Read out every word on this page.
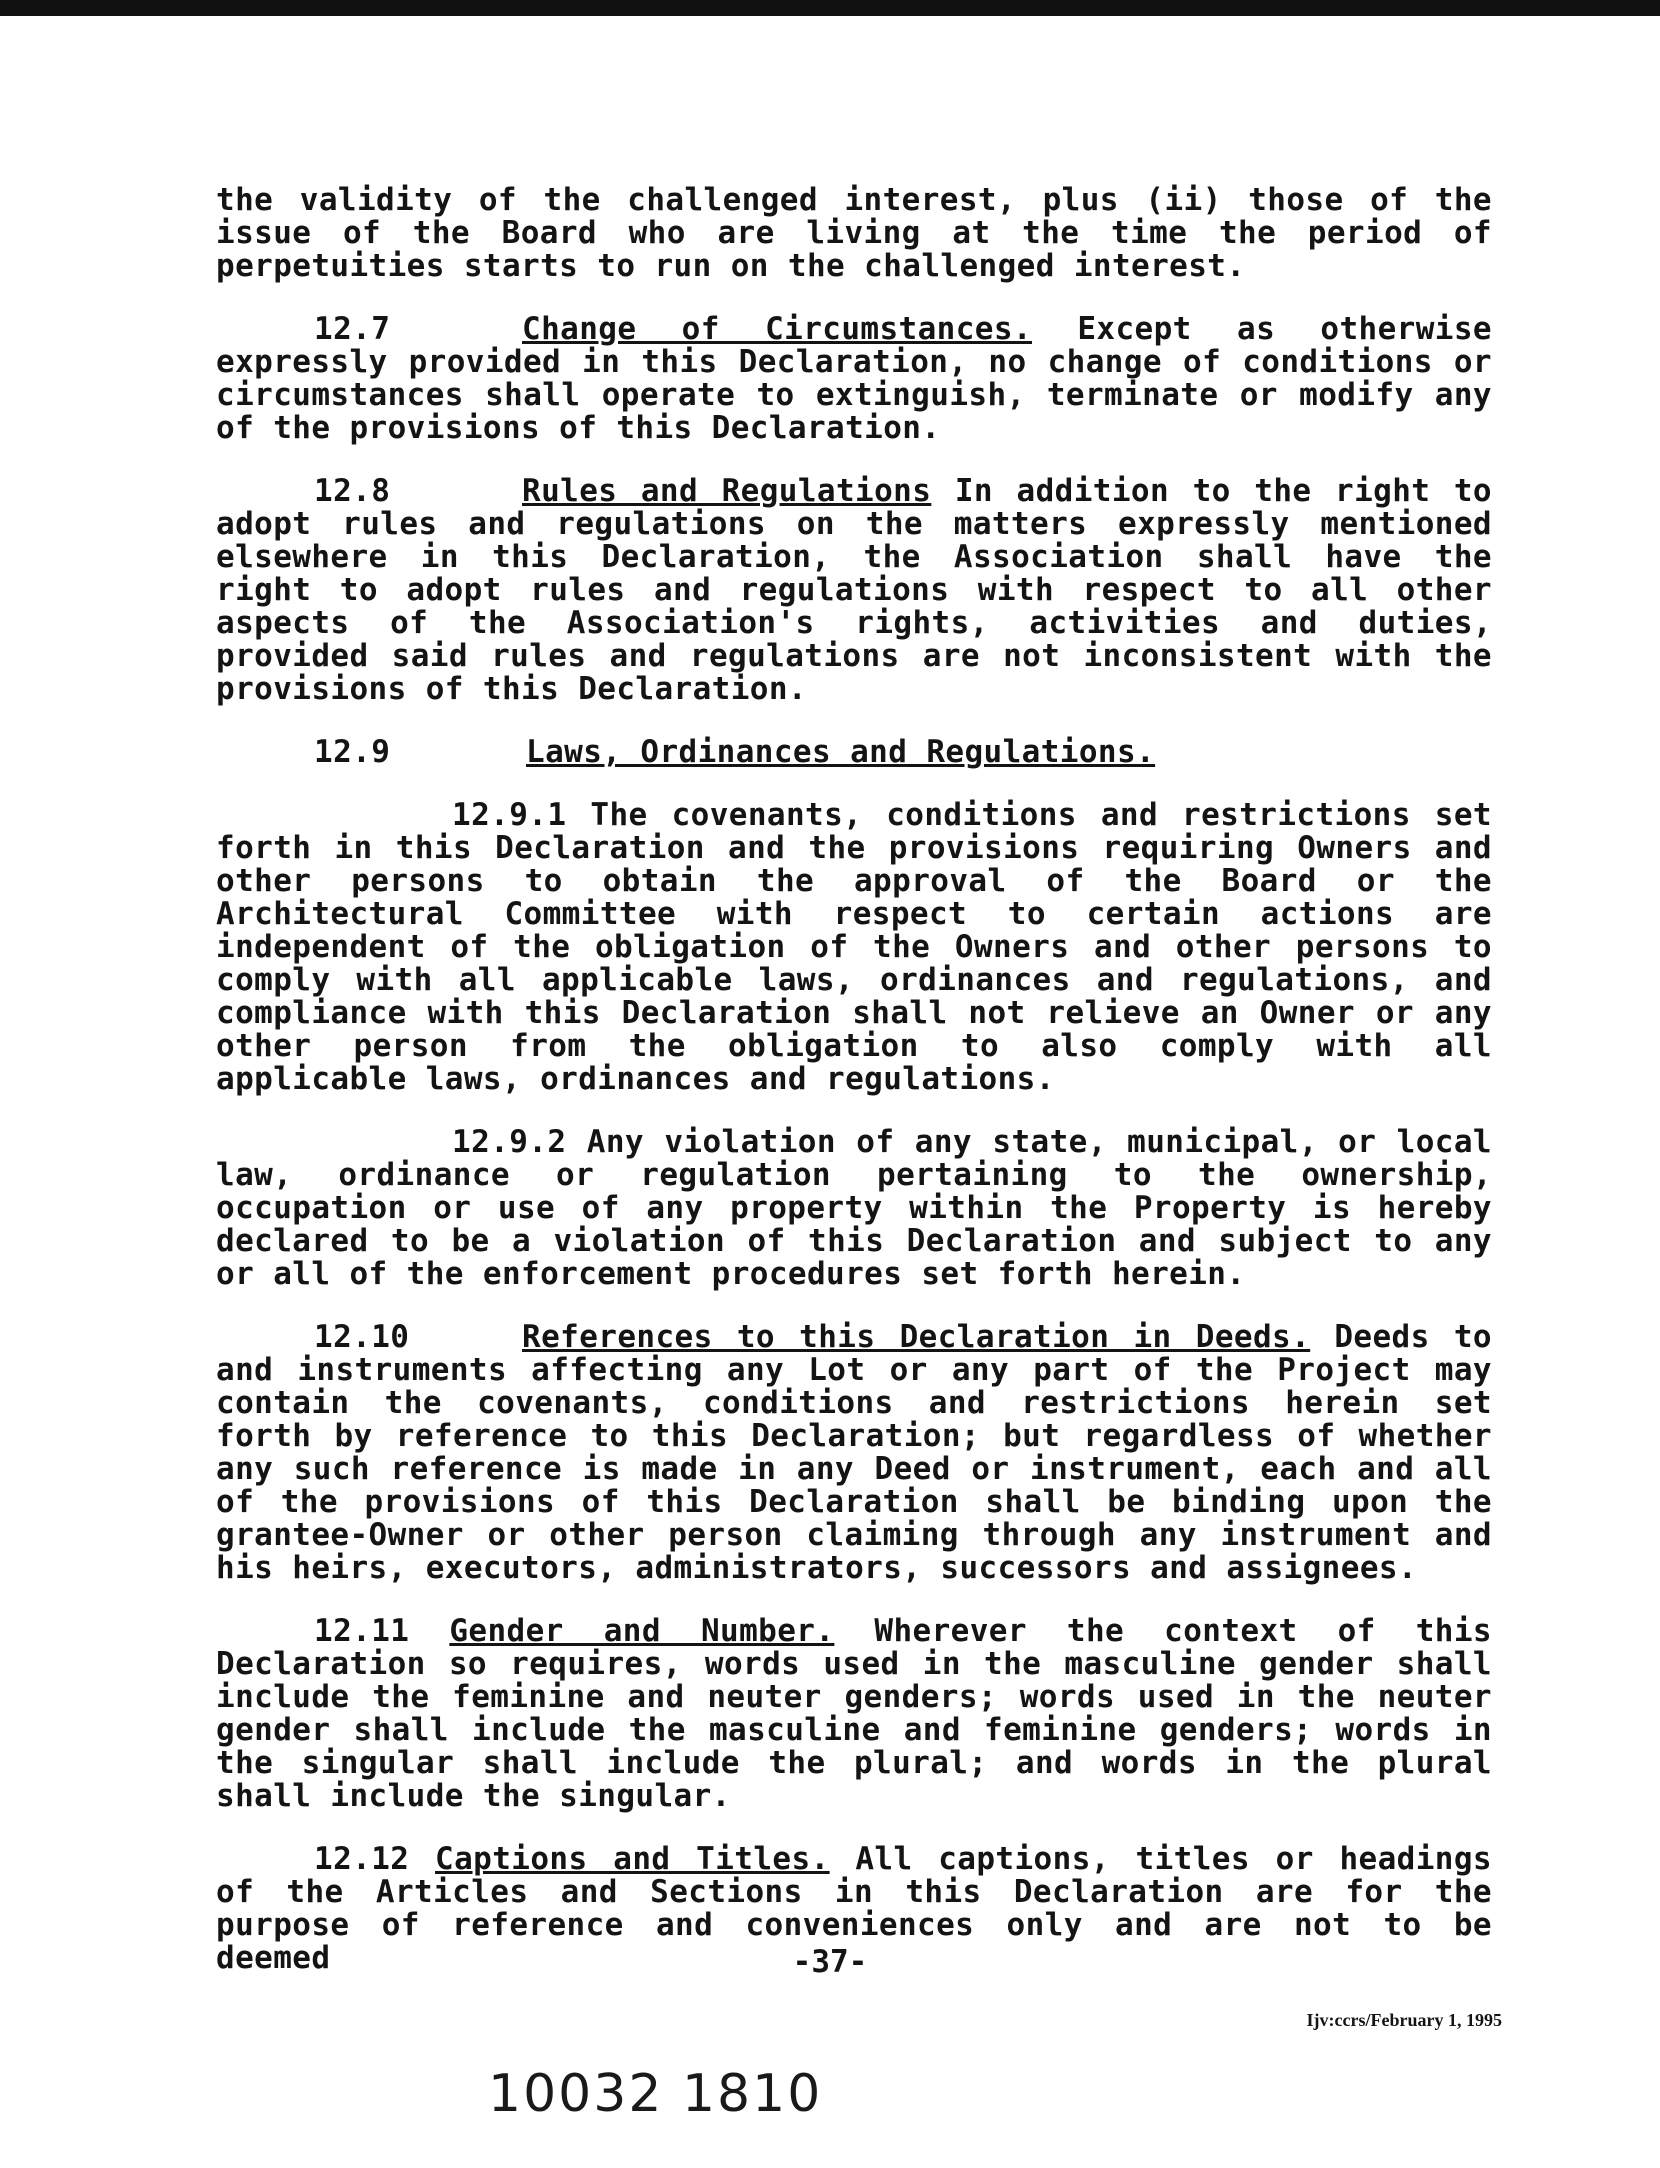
the validity of the challenged interest, plus (ii) those of the issue of the Board who are living at the time the period of perpetuities starts to run on the challenged interest.

12.7	Change of Circumstances. Except as otherwise expressly provided in this Declaration, no change of conditions or circumstances shall operate to extinguish, terminate or modify any of the provisions of this Declaration.

12.8	Rules and Regulations In addition to the right to adopt rules and regulations on the matters expressly mentioned elsewhere in this Declaration, the Association shall have the right to adopt rules and regulations with respect to all other aspects of the Association's rights, activities and duties, provided said rules and regulations are not inconsistent with the provisions of this Declaration.

12.9	Laws, Ordinances and Regulations.

12.9.1 The covenants, conditions and restrictions set forth in this Declaration and the provisions requiring Owners and other persons to obtain the approval of the Board or the Architectural Committee with respect to certain actions are independent of the obligation of the Owners and other persons to comply with all applicable laws, ordinances and regulations, and compliance with this Declaration shall not relieve an Owner or any other person from the obligation to also comply with all applicable laws, ordinances and regulations.

12.9.2 Any violation of any state, municipal, or local law, ordinance or regulation pertaining to the ownership, occupation or use of any property within the Property is hereby declared to be a violation of this Declaration and subject to any or all of the enforcement procedures set forth herein.

12.10	References to this Declaration in Deeds. Deeds to and instruments affecting any Lot or any part of the Project may contain the covenants, conditions and restrictions herein set forth by reference to this Declaration; but regardless of whether any such reference is made in any Deed or instrument, each and all of the provisions of this Declaration shall be binding upon the grantee-Owner or other person claiming through any instrument and his heirs, executors, administrators, successors and assignees.

12.11 Gender and Number. Wherever the context of this Declaration so requires, words used in the masculine gender shall include the feminine and neuter genders; words used in the neuter gender shall include the masculine and feminine genders; words in the singular shall include the plural; and words in the plural shall include the singular.

12.12 Captions and Titles. All captions, titles or headings of the Articles and Sections in this Declaration are for the purpose of reference and conveniences only and are not to be deemed	-37-
Ijv:ccrs/February 1, 1995
10032 1810
